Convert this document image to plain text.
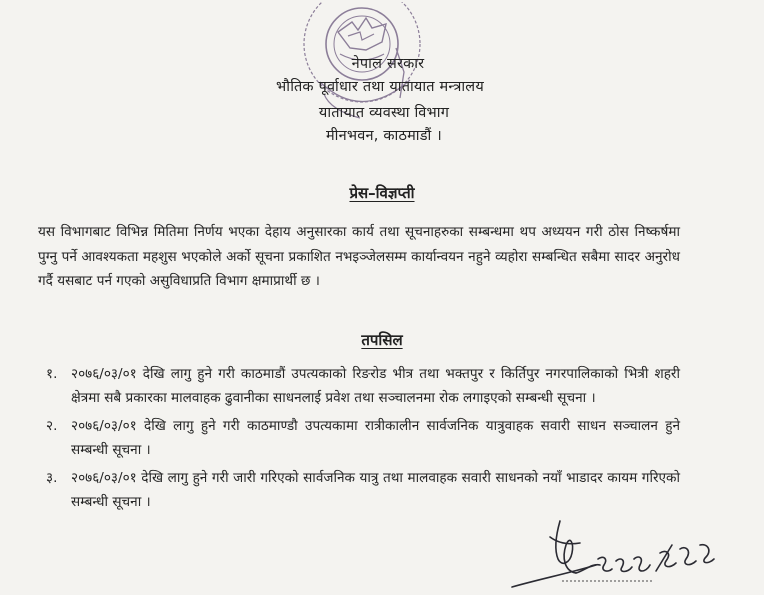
नेपाल सरकार
भौतिक पूर्वाधार तथा यातायात मन्त्रालय
यातायात व्यवस्था विभाग
मीनभवन, काठमाडौं ।
प्रेस–विज्ञप्ती
यस विभागबाट विभिन्न मितिमा निर्णय भएका देहाय अनुसारका कार्य तथा सूचनाहरुका सम्बन्धमा थप अध्ययन गरी ठोस निष्कर्षमा पुग्नु पर्ने आवश्यकता महशुस भएकोले अर्को सूचना प्रकाशित नभइञ्जेलसम्म कार्यान्वयन नहुने व्यहोरा सम्बन्धित सबैमा सादर अनुरोध गर्दै यसबाट पर्न गएको असुविधाप्रति विभाग क्षमाप्रार्थी छ ।
तपसिल
१. २०७६/०३/०१ देखि लागु हुने गरी काठमाडौं उपत्यकाको रिङरोड भीत्र तथा भक्तपुर र किर्तिपुर नगरपालिकाको भित्री शहरी क्षेत्रमा सबै प्रकारका मालवाहक ढुवानीका साधनलाई प्रवेश तथा सञ्चालनमा रोक लगाइएको सम्बन्धी सूचना ।
२. २०७६/०३/०१ देखि लागु हुने गरी काठमाण्डौ उपत्यकामा रात्रीकालीन सार्वजनिक यात्रुवाहक सवारी साधन सञ्चालन हुने सम्बन्धी सूचना ।
३. २०७६/०३/०१ देखि लागु हुने गरी जारी गरिएको सार्वजनिक यात्रु तथा मालवाहक सवारी साधनको नयाँ भाडादर कायम गरिएको सम्बन्धी सूचना ।
